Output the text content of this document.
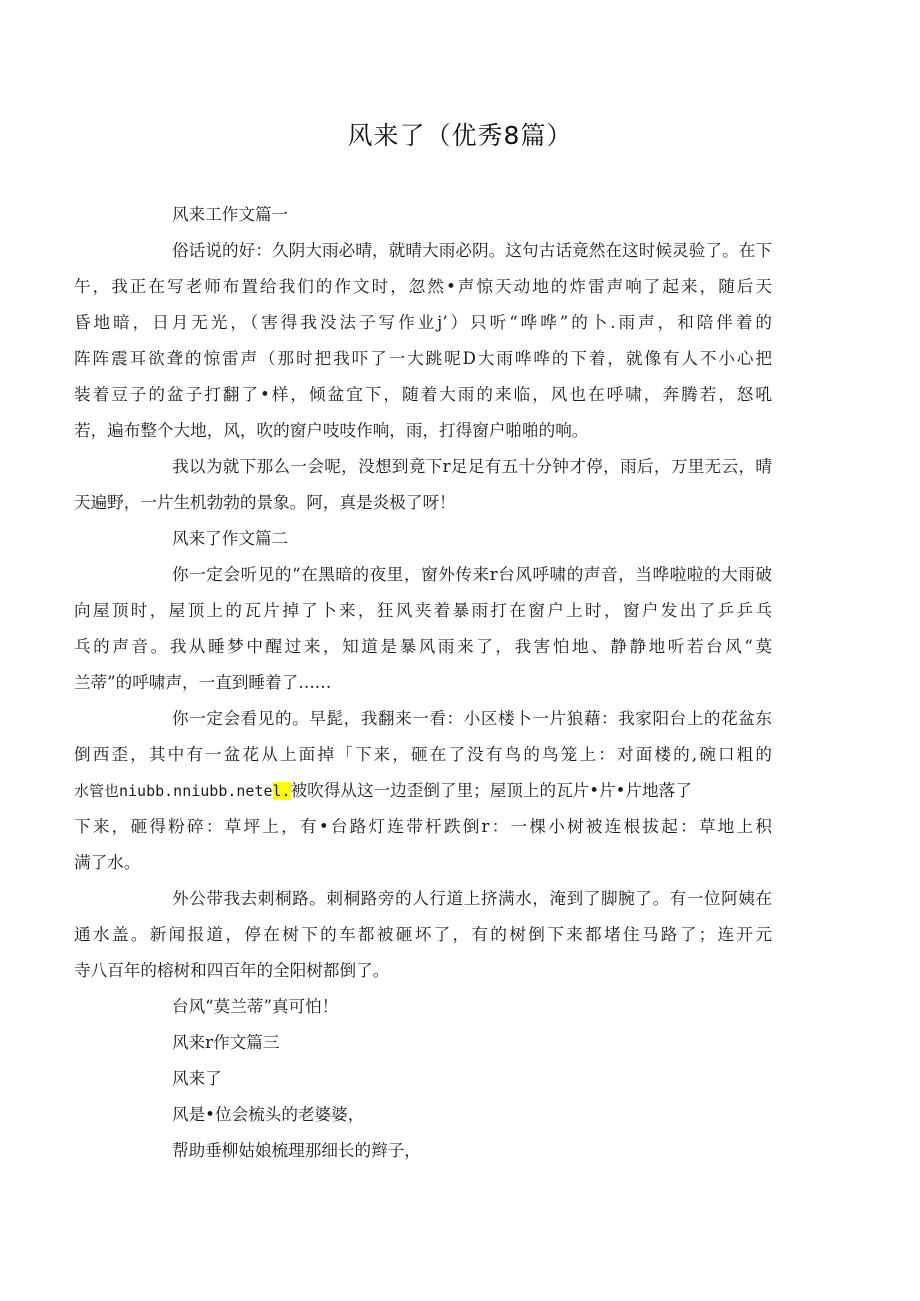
风来了（优秀8篇）
风来工作文篇一
俗话说的好：久阴大雨必晴，就晴大雨必阴。这句古话竟然在这时候灵验了。在下
午，我正在写老师布置给我们的作文时，忽然•声惊天动地的炸雷声响了起来，随后天
昏地暗，日月无光，（害得我没法子写作业j’）只听“哗哗”的卜.雨声，和陪伴着的
阵阵震耳欲聋的惊雷声（那时把我吓了一大跳呢D大雨哗哗的下着，就像有人不小心把
装着豆子的盆子打翻了•样，倾盆宜下，随着大雨的来临，风也在呼啸，奔腾若，怒吼
若，遍布整个大地，风，吹的窗户吱吱作响，雨，打得窗户啪啪的响。
我以为就下那么一会呢，没想到竟下r足足有五十分钟才停，雨后，万里无云，晴
天遍野，一片生机勃勃的景象。阿，真是炎极了呀！
风来了作文篇二
你一定会听见的“在黑暗的夜里，窗外传来r台风呼啸的声音，当哗啦啦的大雨破
向屋顶时，屋顶上的瓦片掉了卜来，狂风夹着暴雨打在窗户上时，窗户发出了乒乒乓
乓的声音。我从睡梦中醒过来，知道是暴风雨来了，我害怕地、静静地听若台风“莫
兰蒂”的呼啸声，一直到睡着了……
你一定会看见的。早髭，我翻来一看：小区楼卜一片狼藉：我家阳台上的花盆东
倒西歪，其中有一盆花从上面掉「下来，砸在了没有鸟的鸟笼上：对面楼的,碗口粗的
水管也niubb.nniubb.netel.被吹得从这一边歪倒了里；屋顶上的瓦片•片•片地落了
下来，砸得粉碎：草坪上，有•台路灯连带杆跌倒r：一棵小树被连根拔起：草地上积
满了水。
外公带我去刺桐路。刺桐路旁的人行道上挤满水，淹到了脚腕了。有一位阿姨在
通水盖。新闻报道，停在树下的车都被砸坏了，有的树倒下来都堵住马路了；连开元
寺八百年的榕树和四百年的全阳树都倒了。
台风“莫兰蒂”真可怕！
风来r作文篇三
风来了
风是•位会梳头的老婆婆，
帮助垂柳姑娘梳理那细长的辫子，
